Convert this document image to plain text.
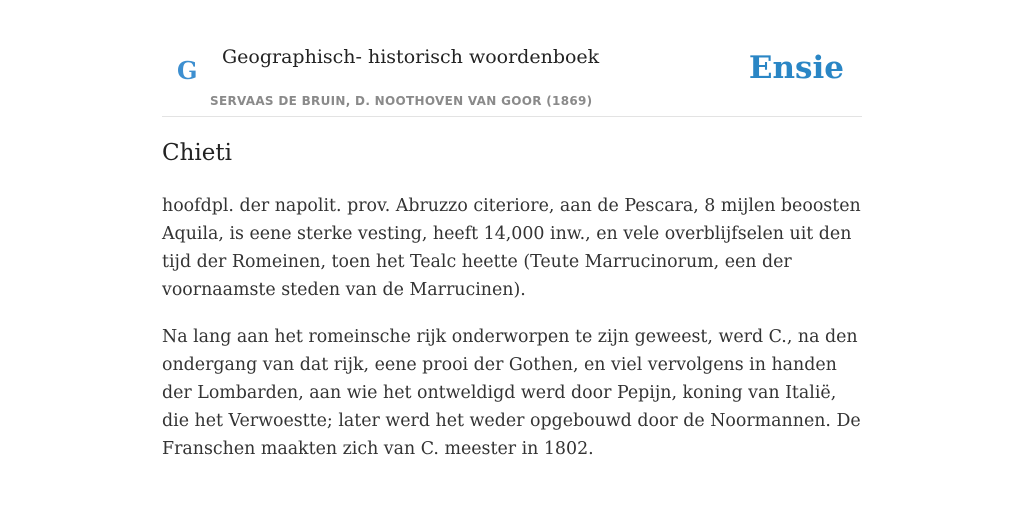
G Geographisch- historisch woordenboek
SERVAAS DE BRUIN, D. NOOTHOVEN VAN GOOR (1869)
Ensie
Chieti

hoofdpl. der napolit. prov. Abruzzo citeriore, aan de Pescara, 8 mijlen beoosten Aquila, is eene sterke vesting, heeft 14,000 inw., en vele overblijfselen uit den tijd der Romeinen, toen het Tealc heette (Teute Marrucinorum, een der voornaamste steden van de Marrucinen).

Na lang aan het romeinsche rijk onderworpen te zijn geweest, werd C., na den ondergang van dat rijk, eene prooi der Gothen, en viel vervolgens in handen der Lombarden, aan wie het ontweldigd werd door Pepijn, koning van Italië, die het Verwoestte; later werd het weder opgebouwd door de Noormannen. De Franschen maakten zich van C. meester in 1802.
